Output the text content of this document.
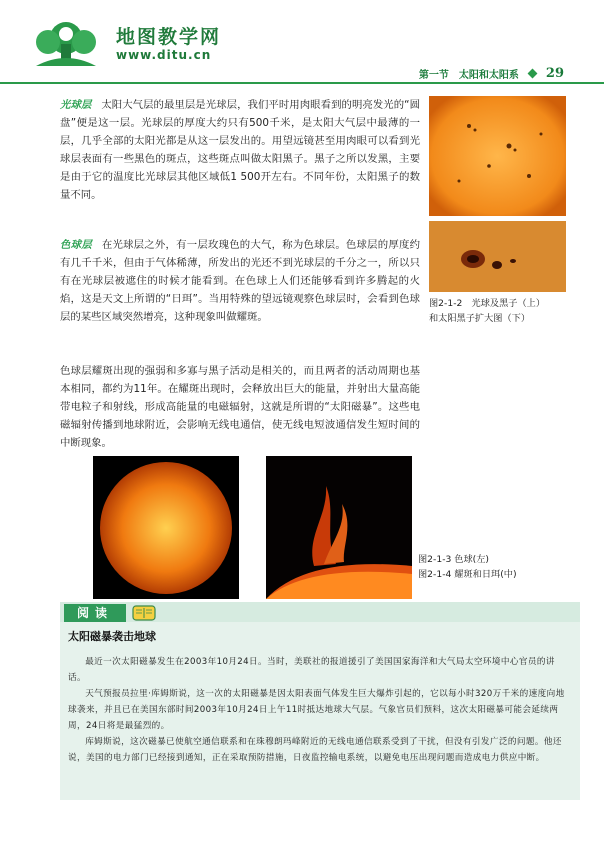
地图教学网
www.ditu.cn
第一节　太阳和太阳系 29
光球层 太阳大气层的最里层是光球层，我们平时用肉眼看到的明亮发光的“圆盘”便是这一层。光球层的厚度大约只有500千米，是太阳大气层中最薄的一层，几乎全部的太阳光都是从这一层发出的。用望远镜甚至用肉眼可以看到光球层表面有一些黑色的斑点，这些斑点叫做太阳黑子。黑子之所以发黑，主要是由于它的温度比光球层其他区域低1 500开左右。不同年份，太阳黑子的数量不同。
色球层 在光球层之外，有一层玫瑰色的大气，称为色球层。色球层的厚度约有几千千米，但由于气体稀薄，所发出的光还不到光球层的千分之一，所以只有在光球层被遮住的时候才能看到。在色球上人们还能够看到许多腾起的火焰，这是天文上所谓的“日珥”。当用特殊的望远镜观察色球层时，会看到色球层的某些区域突然增亮，这种现象叫做耀斑。
色球层耀斑出现的强弱和多寡与黑子活动是相关的，而且两者的活动周期也基本相同，都约为11年。在耀斑出现时，会释放出巨大的能量，并射出大量高能带电粒子和射线，形成高能量的电磁辐射，这就是所谓的“太阳磁暴”。这些电磁辐射传播到地球附近，会影响无线电通信，使无线电短波通信发生短时间的中断现象。
图2-1-2　光球及黑子（上）
和太阳黑子扩大图（下）
图2-1-3 色球(左)
图2-1-4 耀斑和日珥(中)
阅读
太阳磁暴袭击地球
最近一次太阳磁暴发生在2003年10月24日。当时，美联社的报道援引了美国国家海洋和大气局太空环境中心官员的讲话。
天气预报员拉里·库姆斯说，这一次的太阳磁暴是因太阳表面气体发生巨大爆炸引起的，它以每小时320万千米的速度向地球袭来，并且已在美国东部时间2003年10月24日上午11时抵达地球大气层。气象官员们预料，这次太阳磁暴可能会延续两周，24日将是最猛烈的。
库姆斯说，这次磁暴已使航空通信联系和在珠穆朗玛峰附近的无线电通信联系受到了干扰，但没有引发广泛的问题。他还说，美国的电力部门已经接到通知，正在采取预防措施，日夜监控输电系统，以避免电压出现问题而造成电力供应中断。
